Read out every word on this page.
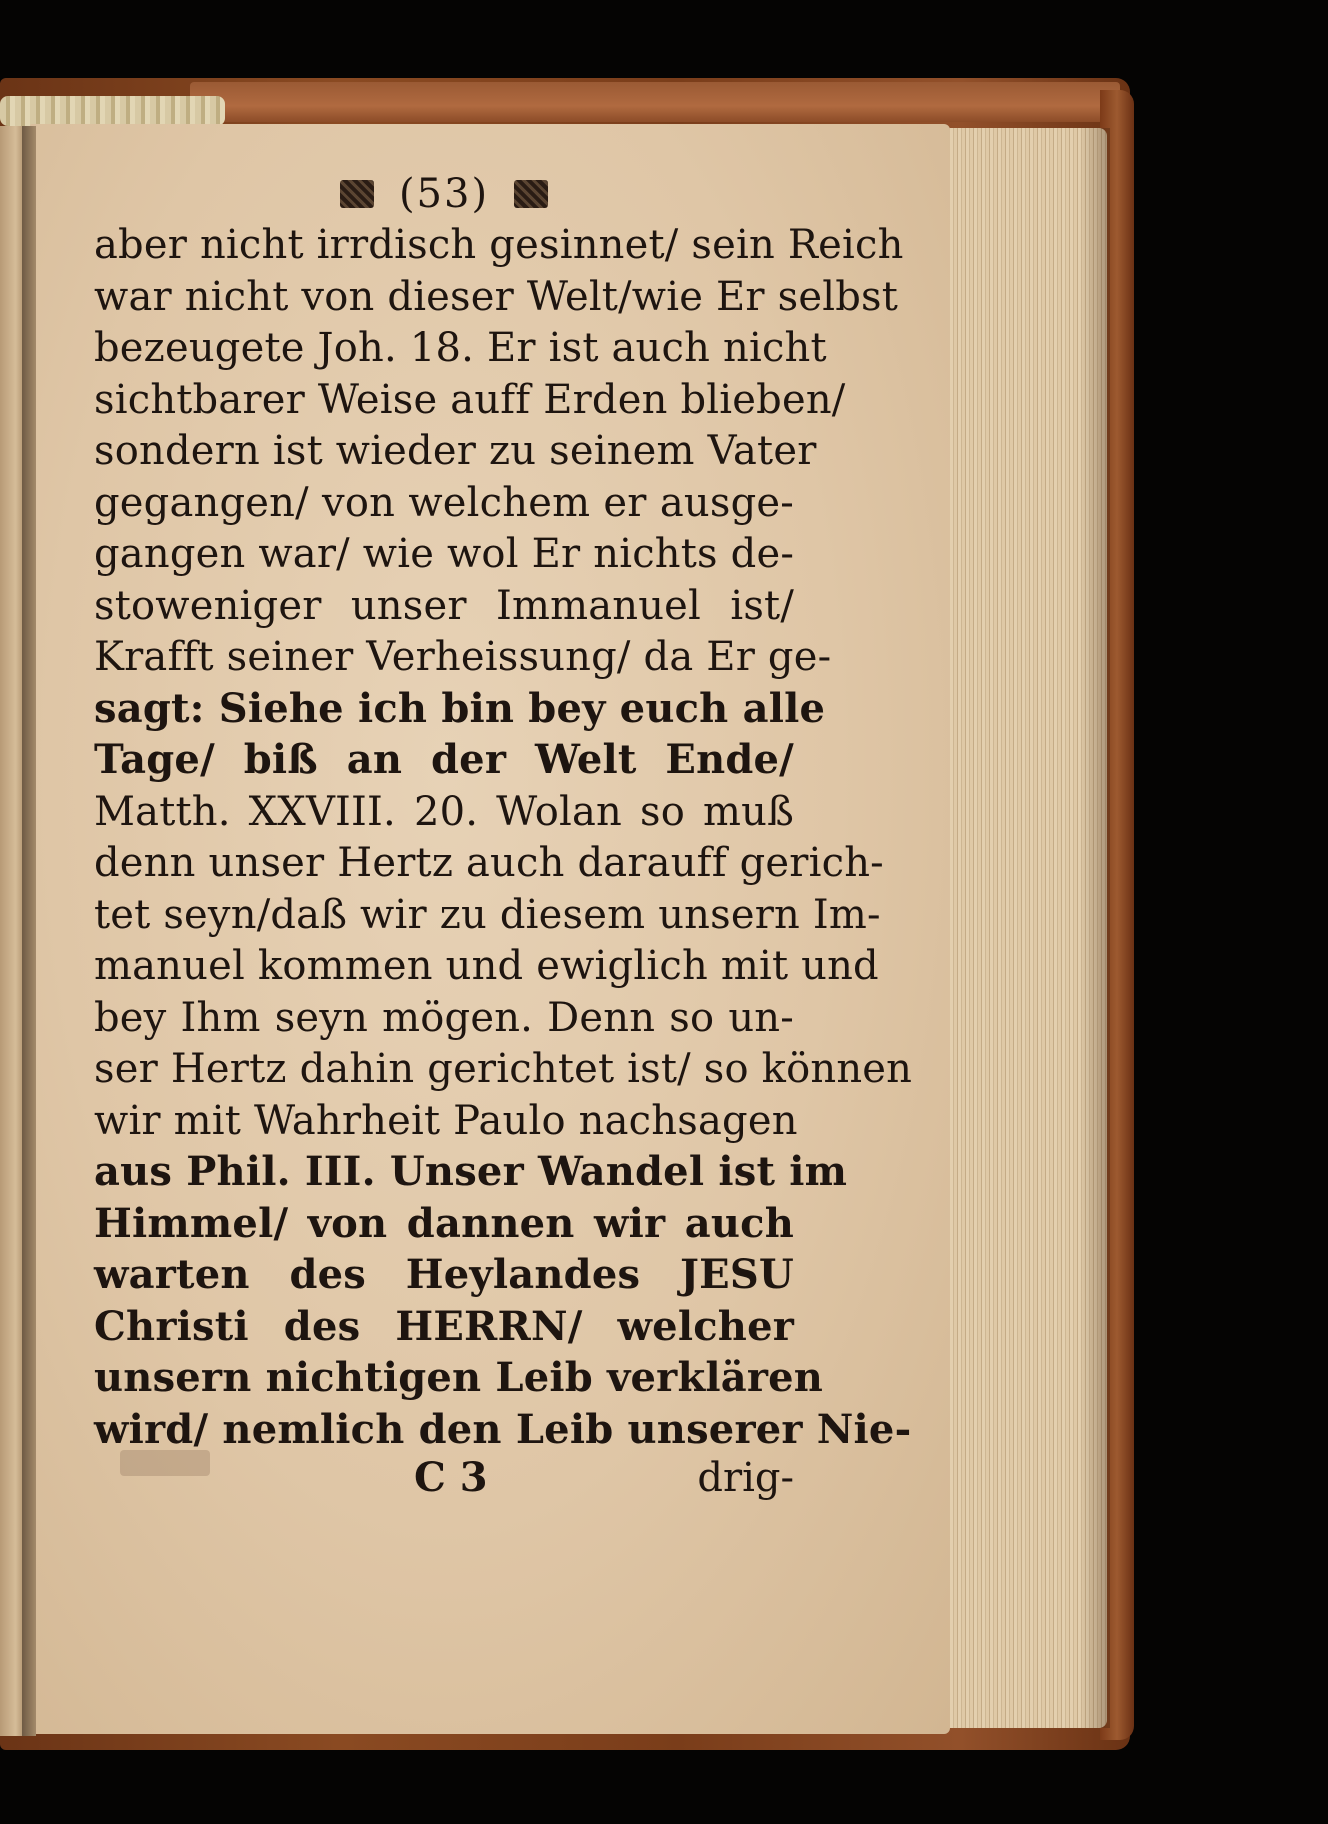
(53)
aber nicht irrdisch gesinnet/ sein Reich
war nicht von dieser Welt/wie Er selbst
bezeugete Joh. 18. Er ist auch nicht
sichtbarer Weise auff Erden blieben/
sondern ist wieder zu seinem Vater
gegangen/ von welchem er ausge-
gangen war/ wie wol Er nichts de-
stoweniger unser Immanuel ist/
Krafft seiner Verheissung/ da Er ge-
sagt: Siehe ich bin bey euch alle
Tage/ biß an der Welt Ende/
Matth. XXVIII. 20. Wolan so muß
denn unser Hertz auch darauff gerich-
tet seyn/daß wir zu diesem unsern Im-
manuel kommen und ewiglich mit und
bey Ihm seyn mögen. Denn so un-
ser Hertz dahin gerichtet ist/ so können
wir mit Wahrheit Paulo nachsagen
aus Phil. III. Unser Wandel ist im
Himmel/ von dannen wir auch
warten des Heylandes JESU
Christi des HERRN/ welcher
unsern nichtigen Leib verklären
wird/ nemlich den Leib unserer Nie-
C 3	drig-
